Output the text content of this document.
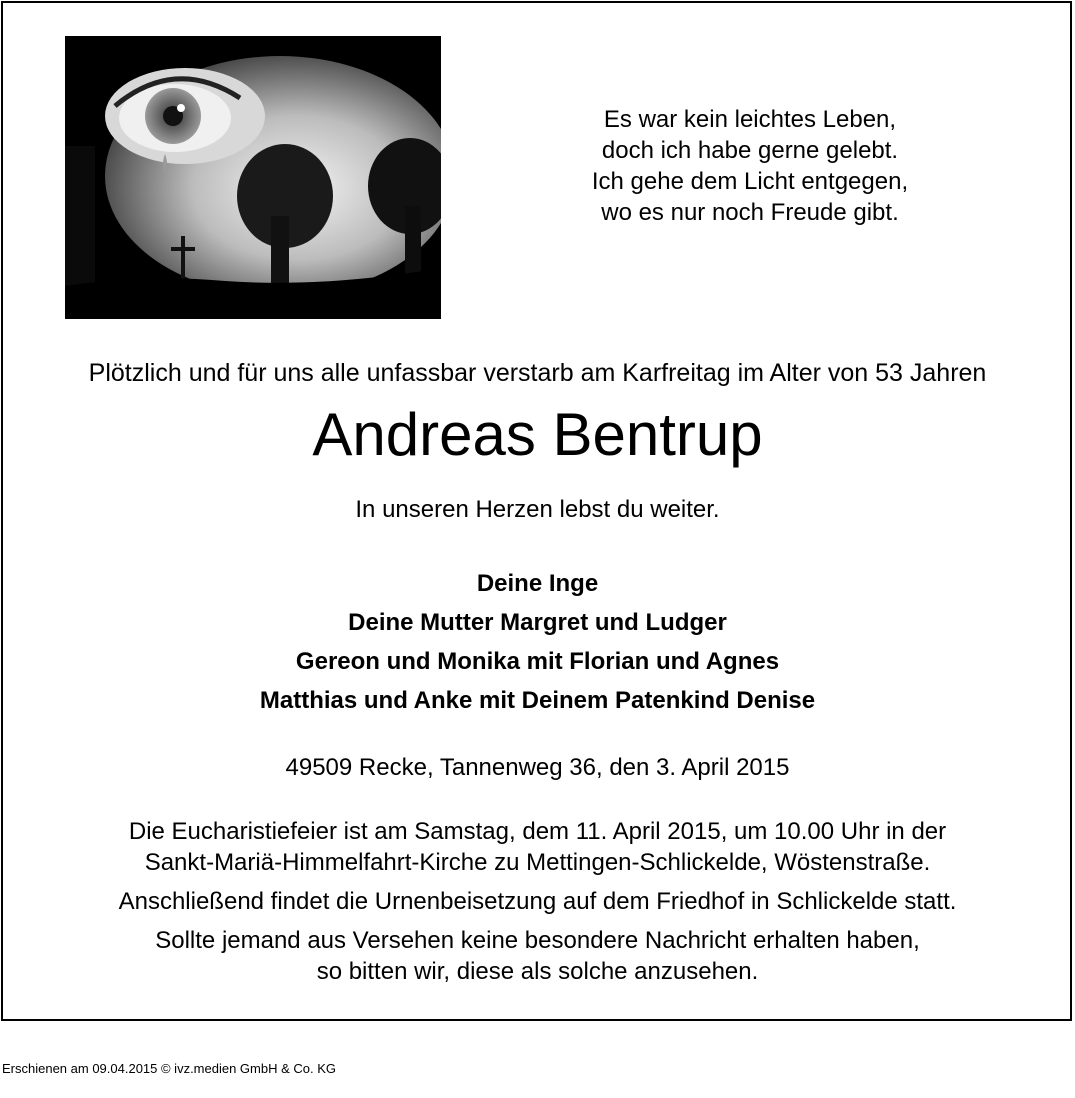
Es war kein leichtes Leben,
doch ich habe gerne gelebt.
Ich gehe dem Licht entgegen,
wo es nur noch Freude gibt.
Plötzlich und für uns alle unfassbar verstarb am Karfreitag im Alter von 53 Jahren
Andreas Bentrup
In unseren Herzen lebst du weiter.
Deine Inge
Deine Mutter Margret und Ludger
Gereon und Monika mit Florian und Agnes
Matthias und Anke mit Deinem Patenkind Denise
49509 Recke, Tannenweg 36, den 3. April 2015

Die Eucharistiefeier ist am Samstag, dem 11. April 2015, um 10.00 Uhr in der

Sankt-Mariä-Himmelfahrt-Kirche zu Mettingen-Schlickelde, Wöstenstraße.

Anschließend findet die Urnenbeisetzung auf dem Friedhof in Schlickelde statt.

Sollte jemand aus Versehen keine besondere Nachricht erhalten haben,

so bitten wir, diese als solche anzusehen.

Erschienen am 09.04.2015 © ivz.medien GmbH & Co. KG
